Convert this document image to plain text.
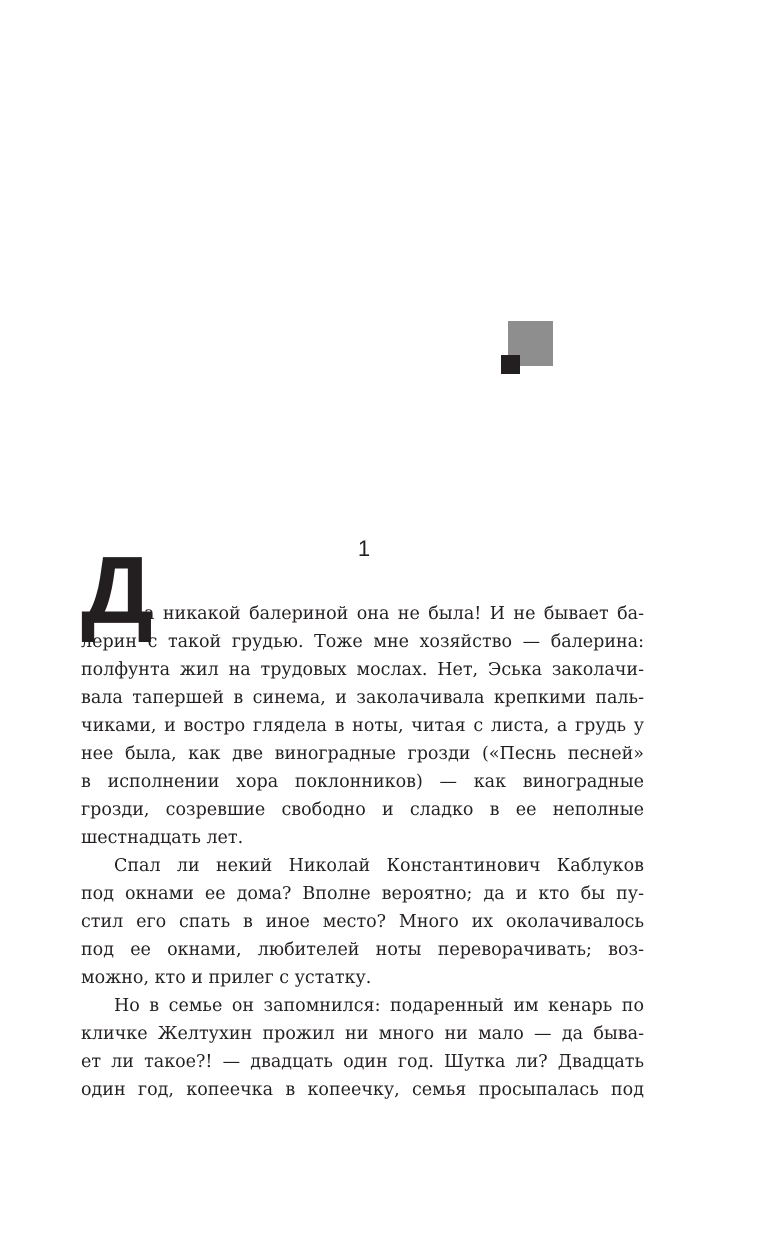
1
Д
а никакой балериной она не была! И не бывает ба-
лерин с такой грудью. Тоже мне хозяйство — балерина:
полфунта жил на трудовых мослах. Нет, Эська заколачи-
вала тапершей в синема, и заколачивала крепкими паль-
чиками, и востро глядела в ноты, читая с листа, а грудь у
нее была, как две виноградные грозди («Песнь песней»
в исполнении хора поклонников) — как виноградные
грозди, созревшие свободно и сладко в ее неполные
шестнадцать лет.
Спал ли некий Николай Константинович Каблуков
под окнами ее дома? Вполне вероятно; да и кто бы пу-
стил его спать в иное место? Много их околачивалось
под ее окнами, любителей ноты переворачивать; воз-
можно, кто и прилег с устатку.
Но в семье он запомнился: подаренный им кенарь по
кличке Желтухин прожил ни много ни мало — да быва-
ет ли такое?! — двадцать один год. Шутка ли? Двадцать
один год, копеечка в копеечку, семья просыпалась под
